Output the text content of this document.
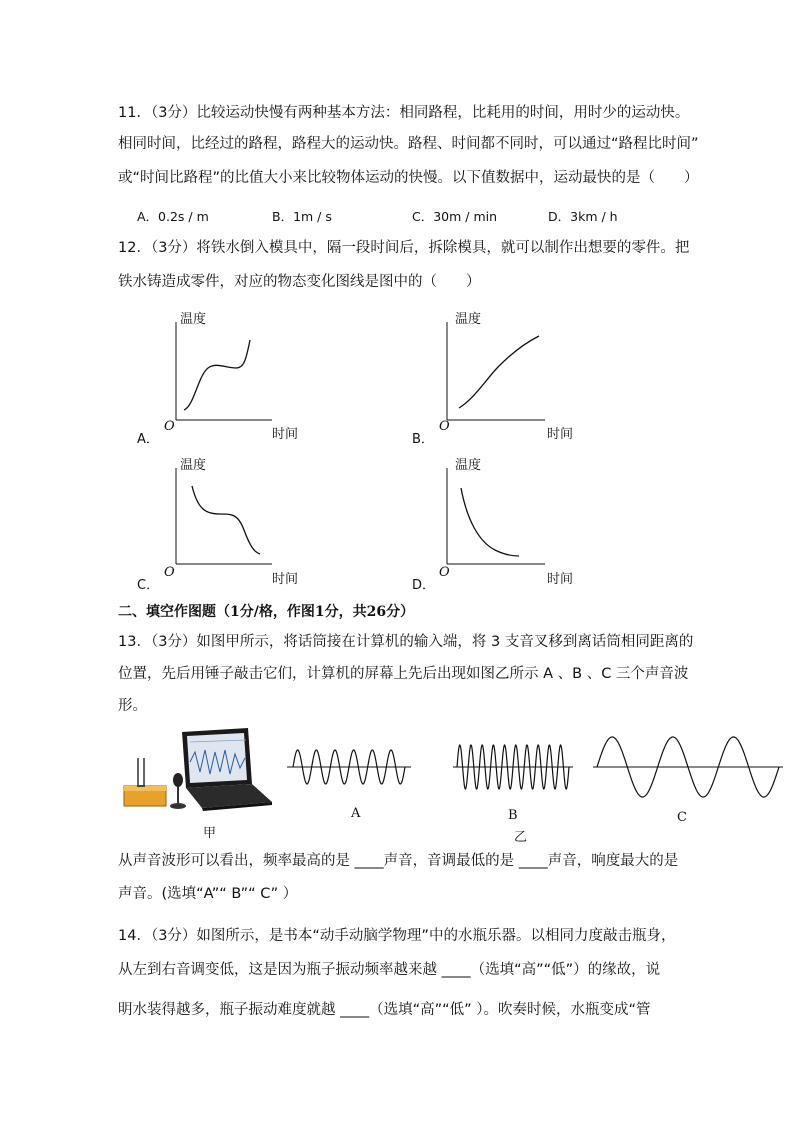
11．（3分）比较运动快慢有两种基本方法：相同路程，比耗用的时间，用时少的运动快。
相同时间，比经过的路程，路程大的运动快。路程、时间都不同时，可以通过“路程比时间”
或“时间比路程”的比值大小来比较物体运动的快慢。以下值数据中，运动最快的是（　　）
A．0.2s / m	B．1m / s	C．30m / min	D．3km / h
12．（3分）将铁水倒入模具中，隔一段时间后，拆除模具，就可以制作出想要的零件。把
铁水铸造成零件，对应的物态变化图线是图中的（　　）
A．
温度
时间
O
B．
温度
时间
O
C．
温度
时间
O
D．
温度
时间
O
二、填空作图题（1分/格，作图1分，共26分）
13．（3分）如图甲所示，将话筒接在计算机的输入端，将 3 支音叉移到离话筒相同距离的
位置，先后用锤子敲击它们，计算机的屏幕上先后出现如图乙所示 A 、B 、C 三个声音波
形。
甲
A	B
乙
C
从声音波形可以看出，频率最高的是 ____声音，音调最低的是 ____声音，响度最大的是
声音。(选填“A”“ B”“ C” ）
14．（3分）如图所示，是书本“动手动脑学物理”中的水瓶乐器。以相同力度敲击瓶身，
从左到右音调变低，这是因为瓶子振动频率越来越 ____（选填“高”“低”）的缘故，说
明水装得越多，瓶子振动难度就越 ____（选填“高”“低” ）。吹奏时候，水瓶变成“管
